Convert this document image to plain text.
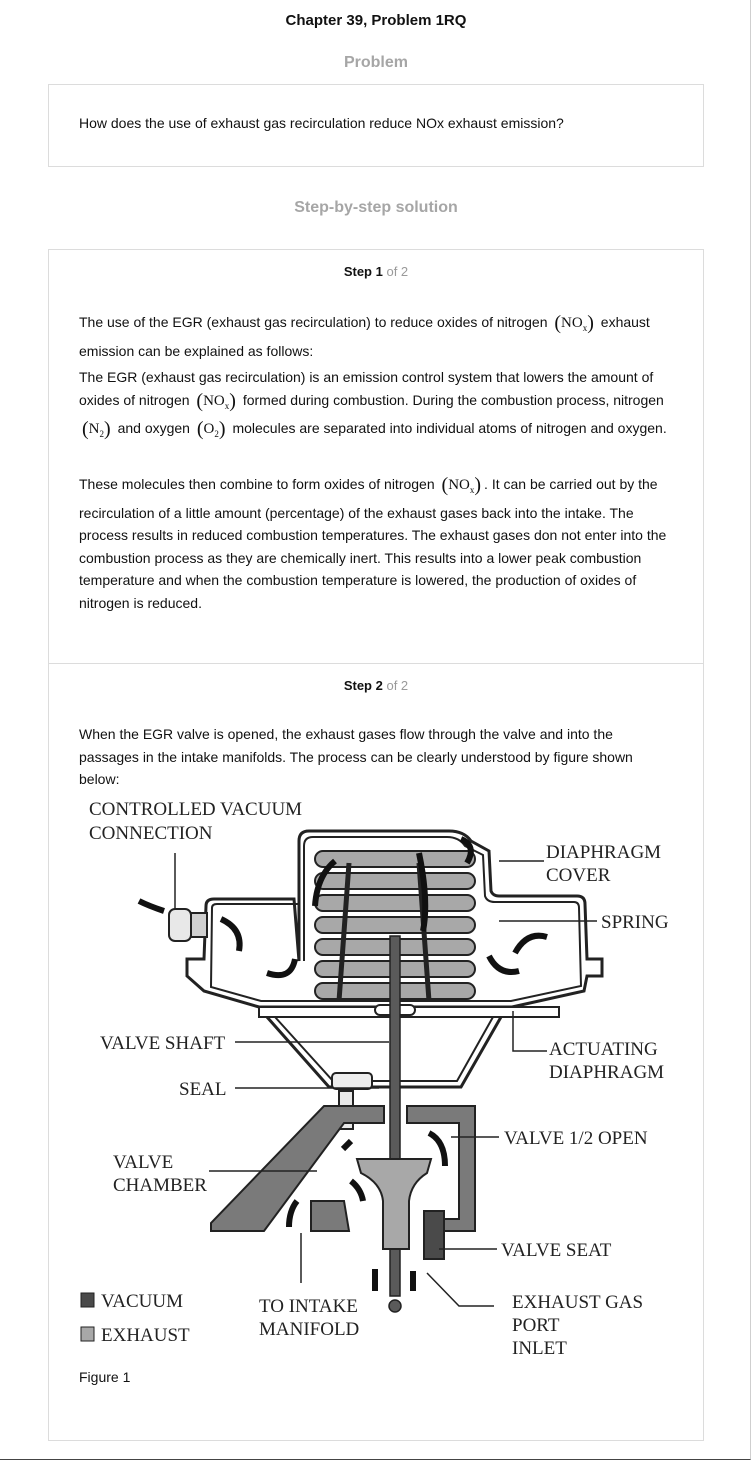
Chapter 39, Problem 1RQ
Problem
How does the use of exhaust gas recirculation reduce NOx exhaust emission?
Step-by-step solution
Step 1 of 2

The use of the EGR (exhaust gas recirculation) to reduce oxides of nitrogen $(NO_x)$ exhaust emission can be explained as follows:

The EGR (exhaust gas recirculation) is an emission control system that lowers the amount of oxides of nitrogen $(NO_x)$ formed during combustion. During the combustion process, nitrogen $(N_2)$ and oxygen $(O_2)$ molecules are separated into individual atoms of nitrogen and oxygen.

These molecules then combine to form oxides of nitrogen $(NO_x)$ . It can be carried out by the recirculation of a little amount (percentage) of the exhaust gases back into the intake. The process results in reduced combustion temperatures. The exhaust gases don not enter into the combustion process as they are chemically inert. This results into a lower peak combustion temperature and when the combustion temperature is lowered, the production of oxides of nitrogen is reduced.

Step 2 of 2

When the EGR valve is opened, the exhaust gases flow through the valve and into the passages in the intake manifolds. The process can be clearly understood by figure shown below:

CONTROLLED VACUUM
CONNECTION
DIAPHRAGM
COVER
SPRING
VALVE SHAFT	ACTUATING
DIAPHRAGM
SEAL
VALVE 1/2 OPEN
VALVE
CHAMBER
VALVE SEAT
VACUUM
EXHAUST
TO INTAKE
MANIFOLD
EXHAUST GAS
PORT
INLET
Figure 1
